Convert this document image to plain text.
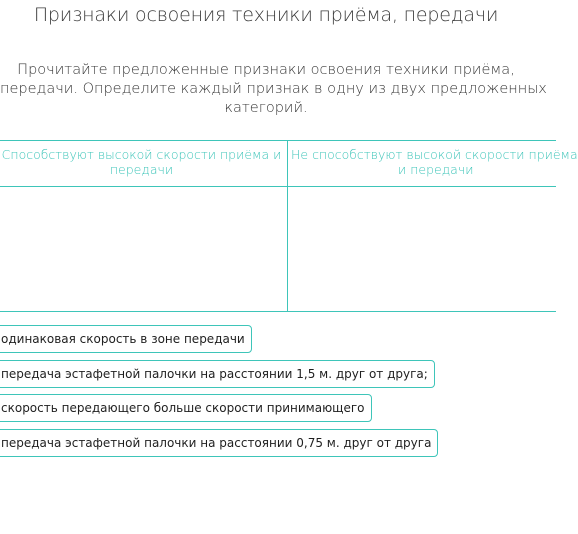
Признаки освоения техники приёма, передачи
Прочитайте предложенные признаки освоения техники приёма,
передачи. Определите каждый признак в одну из двух предложенных
категорий.
Способствуют высокой скорости приёма и
передачи
Не способствуют высокой скорости приёма
и передачи
одинаковая скорость в зоне передачи
передача эстафетной палочки на расстоянии 1,5 м. друг от друга;
скорость передающего больше скорости принимающего
передача эстафетной палочки на расстоянии 0,75 м. друг от друга
